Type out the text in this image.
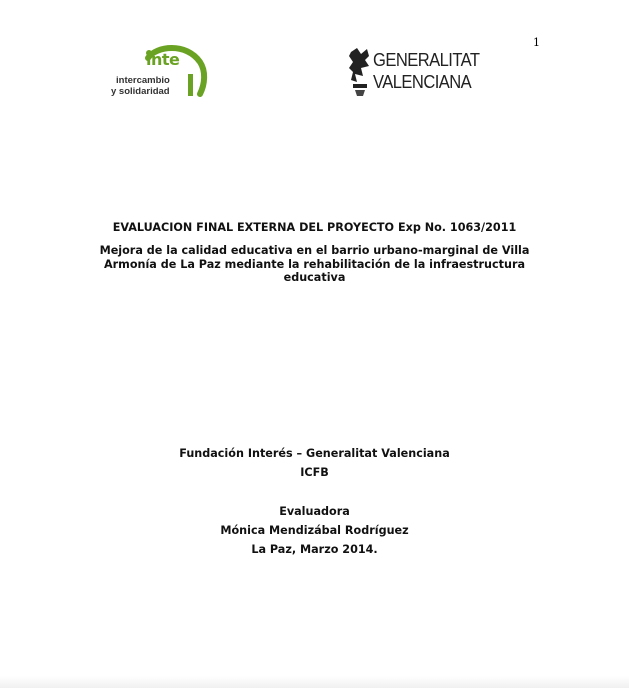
1
inte
intercambio
y solidaridad
GENERALITAT
VALENCIANA
EVALUACION FINAL EXTERNA DEL PROYECTO Exp No. 1063/2011
Mejora de la calidad educativa en el barrio urbano-marginal de Villa
Armonía de La Paz mediante la rehabilitación de la infraestructura
educativa
Fundación Interés – Generalitat Valenciana
ICFB
Evaluadora
Mónica Mendizábal Rodríguez
La Paz, Marzo 2014.
